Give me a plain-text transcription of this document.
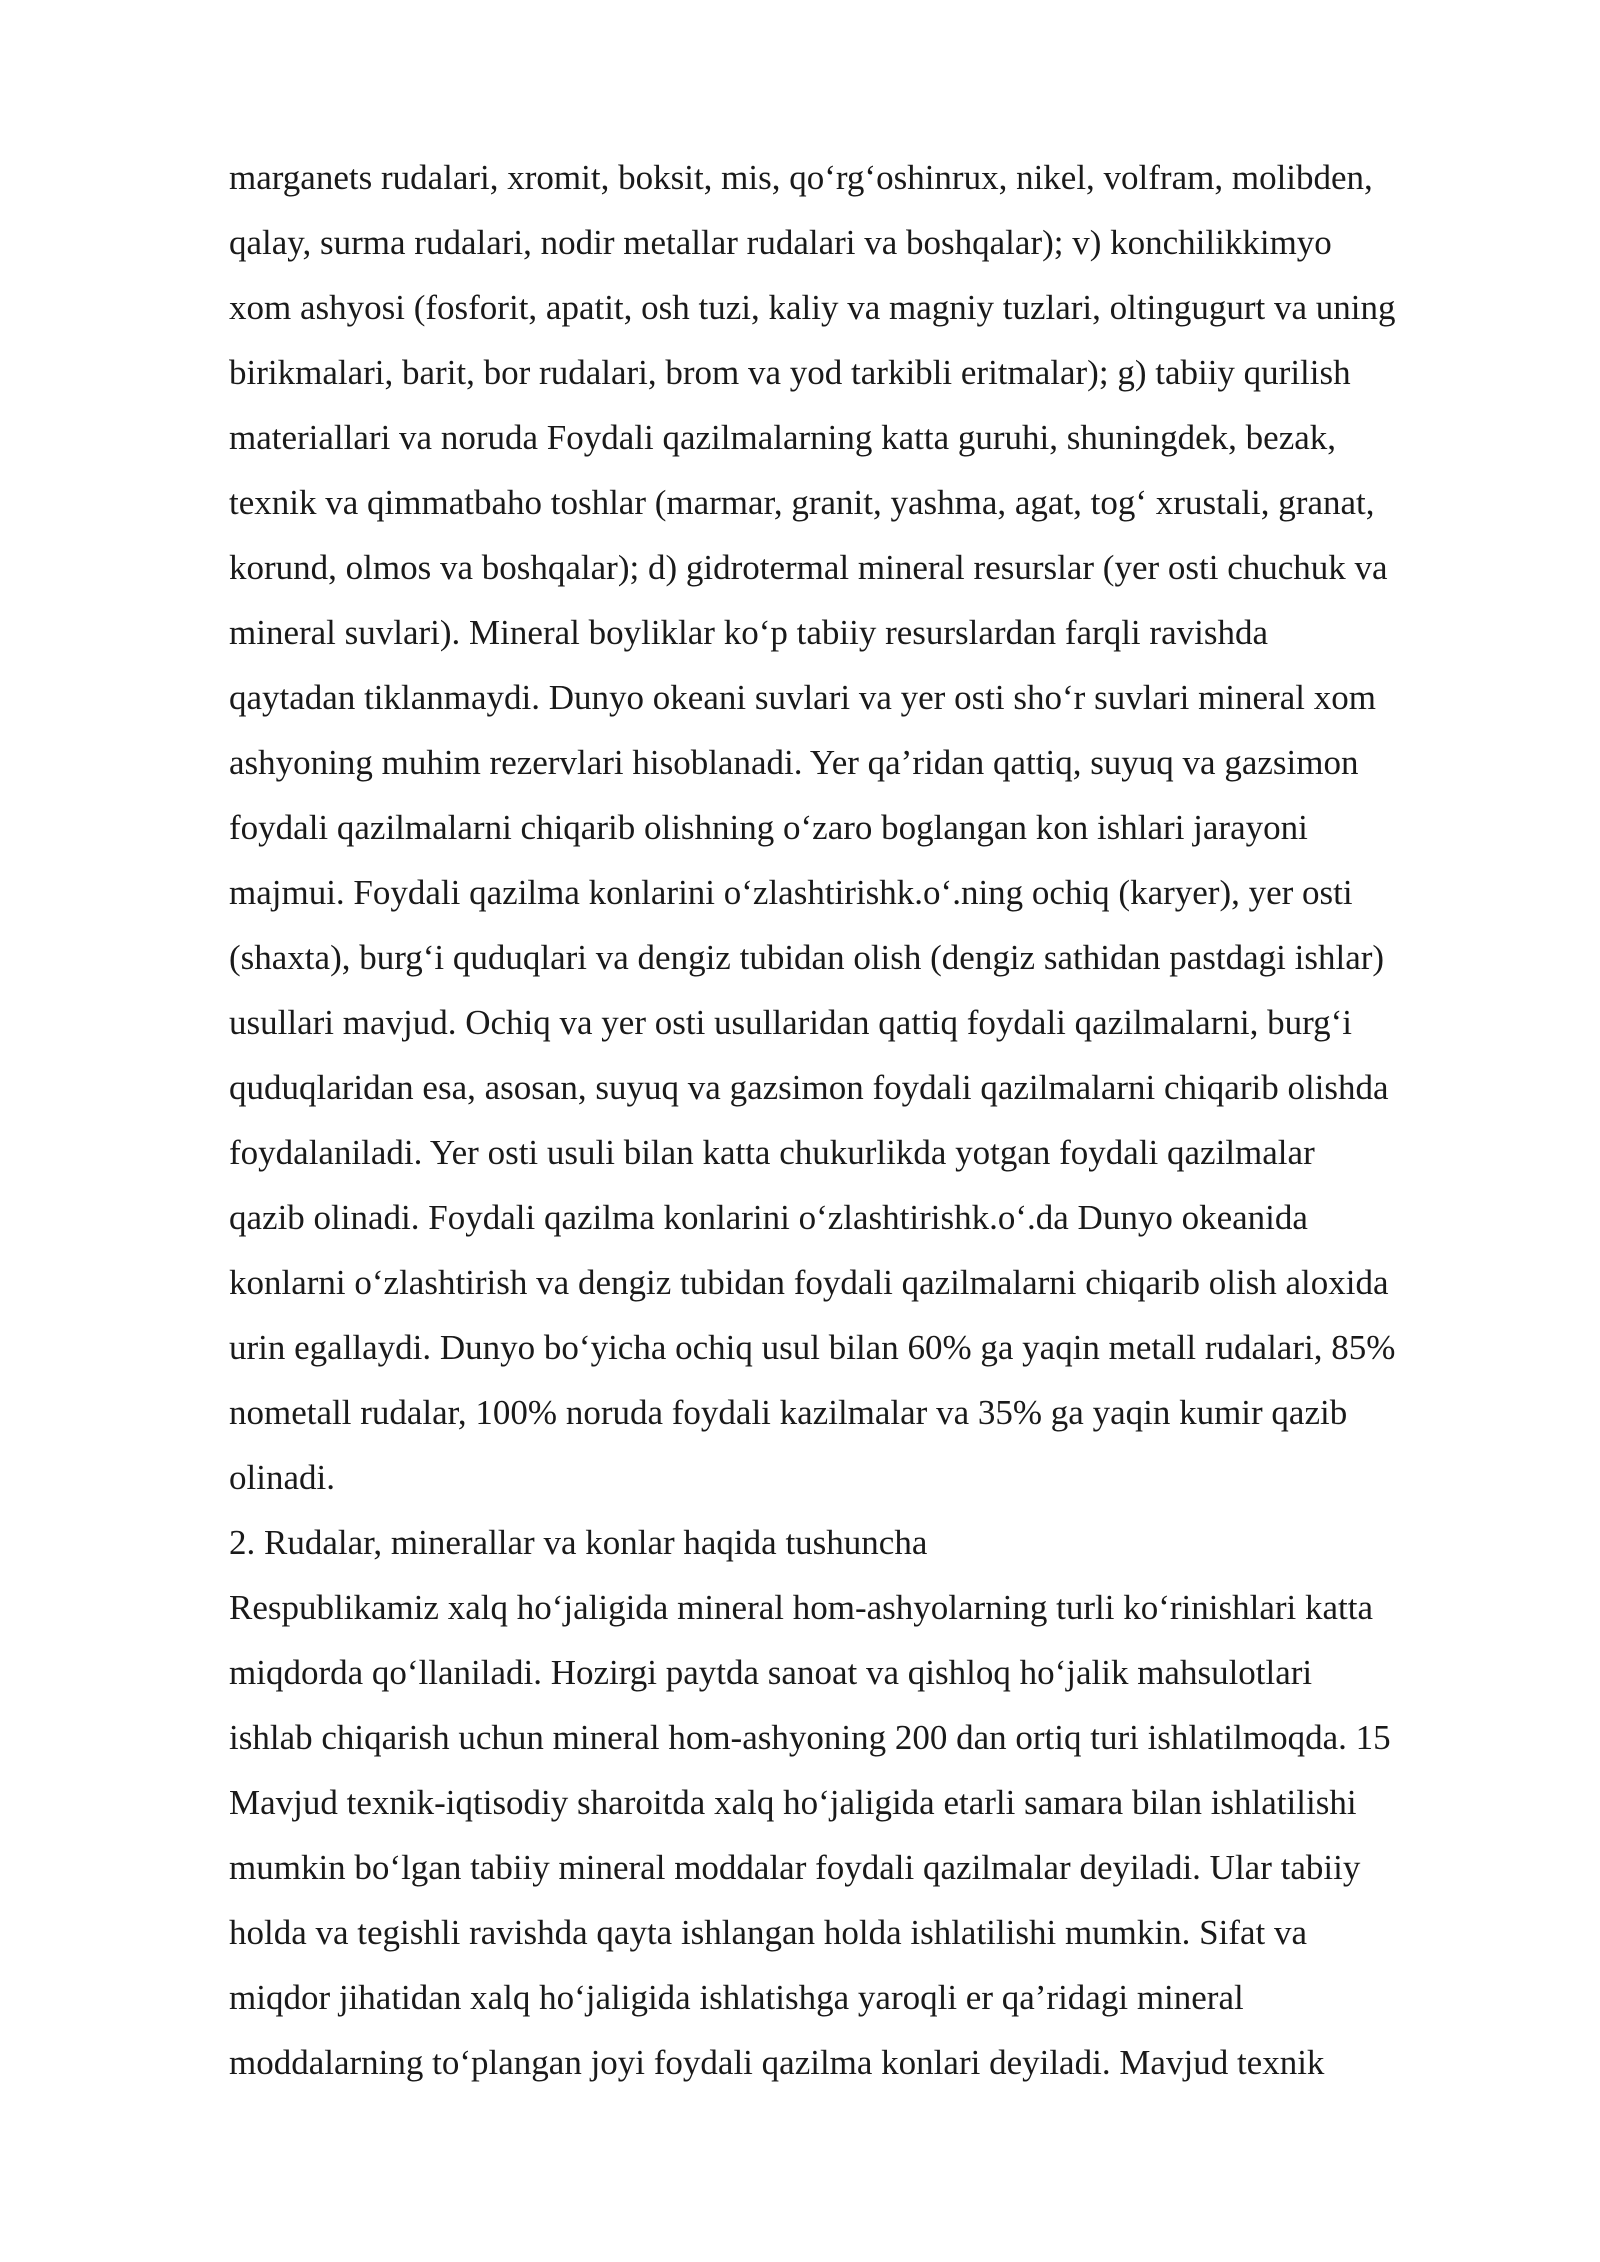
marganets rudalari, xromit, boksit, mis, qo‘rg‘oshinrux, nikel, volfram, molibden,
qalay, surma rudalari, nodir metallar rudalari va boshqalar); v) konchilikkimyo
xom ashyosi (fosforit, apatit, osh tuzi, kaliy va magniy tuzlari, oltingugurt va uning
birikmalari, barit, bor rudalari, brom va yod tarkibli eritmalar); g) tabiiy qurilish
materiallari va noruda Foydali qazilmalarning katta guruhi, shuningdek, bezak,
texnik va qimmatbaho toshlar (marmar, granit, yashma, agat, tog‘ xrustali, granat,
korund, olmos va boshqalar); d) gidrotermal mineral resurslar (yer osti chuchuk va
mineral suvlari). Mineral boyliklar ko‘p tabiiy resurslardan farqli ravishda
qaytadan tiklanmaydi. Dunyo okeani suvlari va yer osti sho‘r suvlari mineral xom
ashyoning muhim rezervlari hisoblanadi. Yer qa’ridan qattiq, suyuq va gazsimon
foydali qazilmalarni chiqarib olishning o‘zaro boglangan kon ishlari jarayoni
majmui. Foydali qazilma konlarini o‘zlashtirishk.o‘.ning ochiq (karyer), yer osti
(shaxta), burg‘i quduqlari va dengiz tubidan olish (dengiz sathidan pastdagi ishlar)
usullari mavjud. Ochiq va yer osti usullaridan qattiq foydali qazilmalarni, burg‘i
quduqlaridan esa, asosan, suyuq va gazsimon foydali qazilmalarni chiqarib olishda
foydalaniladi. Yer osti usuli bilan katta chukurlikda yotgan foydali qazilmalar
qazib olinadi. Foydali qazilma konlarini o‘zlashtirishk.o‘.da Dunyo okeanida
konlarni o‘zlashtirish va dengiz tubidan foydali qazilmalarni chiqarib olish aloxida
urin egallaydi. Dunyo bo‘yicha ochiq usul bilan 60% ga yaqin metall rudalari, 85%
nometall rudalar, 100% noruda foydali kazilmalar va 35% ga yaqin kumir qazib
olinadi.
2. Rudalar, minerallar va konlar haqida tushuncha
Respublikamiz xalq ho‘jaligida mineral hom-ashyolarning turli ko‘rinishlari katta
miqdorda qo‘llaniladi. Hozirgi paytda sanoat va qishloq ho‘jalik mahsulotlari
ishlab chiqarish uchun mineral hom-ashyoning 200 dan ortiq turi ishlatilmoqda. 15
Mavjud texnik-iqtisodiy sharoitda xalq ho‘jaligida etarli samara bilan ishlatilishi
mumkin bo‘lgan tabiiy mineral moddalar foydali qazilmalar deyiladi. Ular tabiiy
holda va tegishli ravishda qayta ishlangan holda ishlatilishi mumkin. Sifat va
miqdor jihatidan xalq ho‘jaligida ishlatishga yaroqli er qa’ridagi mineral
moddalarning to‘plangan joyi foydali qazilma konlari deyiladi. Mavjud texnik
